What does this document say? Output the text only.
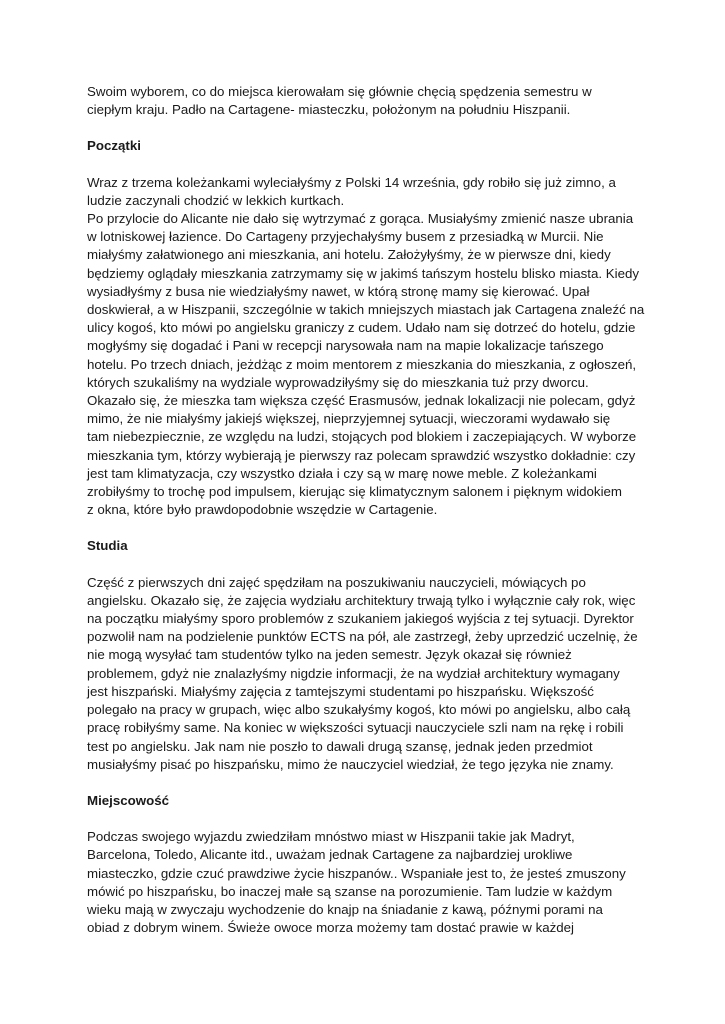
Swoim wyborem, co do miejsca kierowałam się głównie chęcią spędzenia semestru w
ciepłym kraju. Padło na Cartagene- miasteczku, położonym na południu Hiszpanii.

Początki

Wraz z trzema koleżankami wyleciałyśmy z Polski 14 września, gdy robiło się już zimno, a
ludzie zaczynali chodzić w lekkich kurtkach.
Po przylocie do Alicante nie dało się wytrzymać z gorąca. Musiałyśmy zmienić nasze ubrania
w lotniskowej łazience. Do Cartageny przyjechałyśmy busem z przesiadką w Murcii. Nie
miałyśmy załatwionego ani mieszkania, ani hotelu. Założyłyśmy, że w pierwsze dni, kiedy
będziemy oglądały mieszkania zatrzymamy się w jakimś tańszym hostelu blisko miasta. Kiedy
wysiadłyśmy z busa nie wiedziałyśmy nawet, w którą stronę mamy się kierować. Upał
doskwierał, a w Hiszpanii, szczególnie w takich mniejszych miastach jak Cartagena znaleźć na
ulicy kogoś, kto mówi po angielsku graniczy z cudem. Udało nam się dotrzeć do hotelu, gdzie
mogłyśmy się dogadać i Pani w recepcji narysowała nam na mapie lokalizacje tańszego
hotelu. Po trzech dniach, jeżdżąc z moim mentorem z mieszkania do mieszkania, z ogłoszeń,
których szukaliśmy na wydziale wyprowadziłyśmy się do mieszkania tuż przy dworcu.
Okazało się, że mieszka tam większa część Erasmusów, jednak lokalizacji nie polecam, gdyż
mimo, że nie miałyśmy jakiejś większej, nieprzyjemnej sytuacji, wieczorami wydawało się
tam niebezpiecznie, ze względu na ludzi, stojących pod blokiem i zaczepiających. W wyborze
mieszkania tym, którzy wybierają je pierwszy raz polecam sprawdzić wszystko dokładnie: czy
jest tam klimatyzacja, czy wszystko działa i czy są w marę nowe meble. Z koleżankami
zrobiłyśmy to trochę pod impulsem, kierując się klimatycznym salonem i pięknym widokiem
z okna, które było prawdopodobnie wszędzie w Cartagenie.

Studia

Część z pierwszych dni zajęć spędziłam na poszukiwaniu nauczycieli, mówiących po
angielsku. Okazało się, że zajęcia wydziału architektury trwają tylko i wyłącznie cały rok, więc
na początku miałyśmy sporo problemów z szukaniem jakiegoś wyjścia z tej sytuacji. Dyrektor
pozwolił nam na podzielenie punktów ECTS na pół, ale zastrzegł, żeby uprzedzić uczelnię, że
nie mogą wysyłać tam studentów tylko na jeden semestr. Język okazał się również
problemem, gdyż nie znalazłyśmy nigdzie informacji, że na wydział architektury wymagany
jest hiszpański. Miałyśmy zajęcia z tamtejszymi studentami po hiszpańsku. Większość
polegało na pracy w grupach, więc albo szukałyśmy kogoś, kto mówi po angielsku, albo całą
pracę robiłyśmy same. Na koniec w większości sytuacji nauczyciele szli nam na rękę i robili
test po angielsku. Jak nam nie poszło to dawali drugą szansę, jednak jeden przedmiot
musiałyśmy pisać po hiszpańsku, mimo że nauczyciel wiedział, że tego języka nie znamy.

Miejscowość

Podczas swojego wyjazdu zwiedziłam mnóstwo miast w Hiszpanii takie jak Madryt,
Barcelona, Toledo, Alicante itd., uważam jednak Cartagene za najbardziej urokliwe
miasteczko, gdzie czuć prawdziwe życie hiszpanów.. Wspaniałe jest to, że jesteś zmuszony
mówić po hiszpańsku, bo inaczej małe są szanse na porozumienie. Tam ludzie w każdym
wieku mają w zwyczaju wychodzenie do knajp na śniadanie z kawą, późnymi porami na
obiad z dobrym winem. Świeże owoce morza możemy tam dostać prawie w każdej
